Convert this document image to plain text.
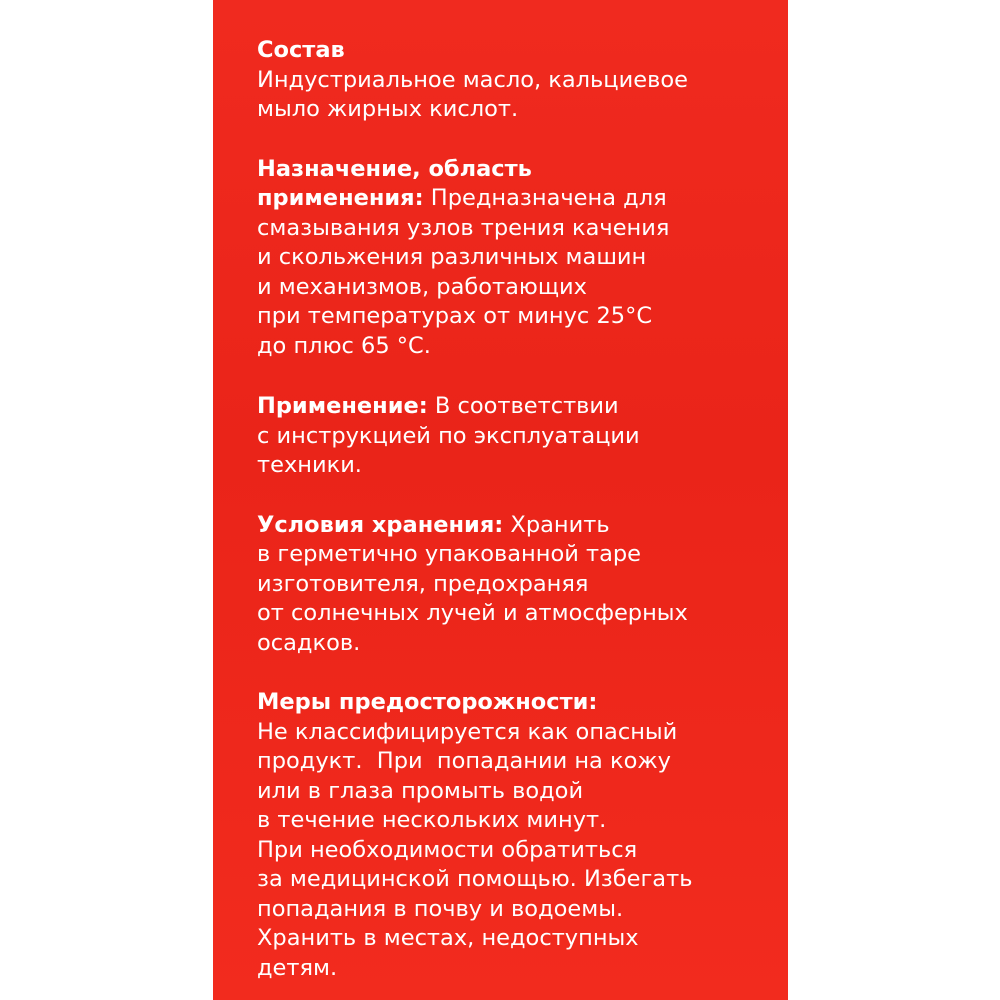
Состав
Индустриальное масло, кальциевое
мыло жирных кислот.
Назначение, область
применения: Предназначена для
смазывания узлов трения качения
и скольжения различных машин
и механизмов, работающих
при температурах от минус 25°C
до плюс 65 °C.
Применение: В соответствии
с инструкцией по эксплуатации
техники.
Условия хранения: Хранить
в герметично упакованной таре
изготовителя, предохраняя
от солнечных лучей и атмосферных
осадков.
Меры предосторожности:
Не классифицируется как опасный
продукт.  При  попадании на кожу
или в глаза промыть водой
в течение нескольких минут.
При необходимости обратиться
за медицинской помощью. Избегать
попадания в почву и водоемы.
Хранить в местах, недоступных
детям.
